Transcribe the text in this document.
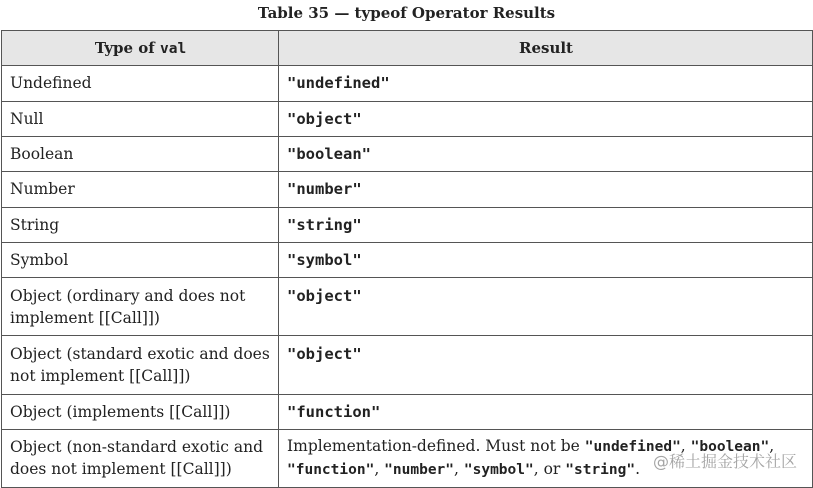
Table 35 — typeof Operator Results
Type of val	Result
Undefined	"undefined"
Null	"object"
Boolean	"boolean"
Number	"number"
String	"string"
Symbol	"symbol"
Object (ordinary and does not implement [[Call]])	"object"
Object (standard exotic and does not implement [[Call]])	"object"
Object (implements [[Call]])	"function"
Object (non-standard exotic and does not implement [[Call]])	Implementation-defined. Must not be "undefined", "boolean", "function", "number", "symbol", or "string". @稀土掘金技术社区
